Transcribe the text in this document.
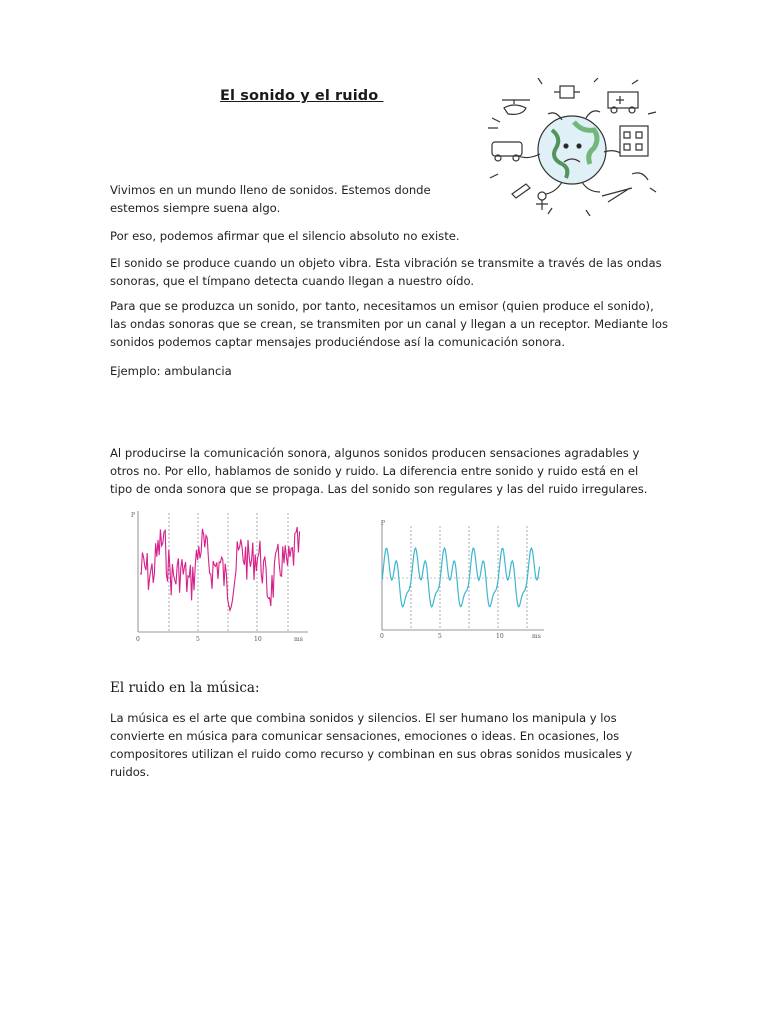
El sonido y el ruido

Vivimos en un mundo lleno de sonidos. Estemos donde estemos siempre suena algo.

Por eso, podemos afirmar que el silencio absoluto no existe.

El sonido se produce cuando un objeto vibra. Esta vibración se transmite a través de las ondas sonoras, que el tímpano detecta cuando llegan a nuestro oído.

Para que se produzca un sonido, por tanto, necesitamos un emisor (quien produce el sonido), las ondas sonoras que se crean, se transmiten por un canal y llegan a un receptor. Mediante los sonidos podemos captar mensajes produciéndose así la comunicación sonora.

Ejemplo: ambulancia

Al producirse la comunicación sonora, algunos sonidos producen sensaciones agradables y otros no. Por ello, hablamos de sonido y ruido. La diferencia entre sonido y ruido está en el tipo de onda sonora que se propaga. Las del sonido son regulares y las del ruido irregulares.

P
0	5	10	ms
P
0	5	10	ms
El ruido en la música:

La música es el arte que combina sonidos y silencios. El ser humano los manipula y los convierte en música para comunicar sensaciones, emociones o ideas. En ocasiones, los compositores utilizan el ruido como recurso y combinan en sus obras sonidos musicales y ruidos.
